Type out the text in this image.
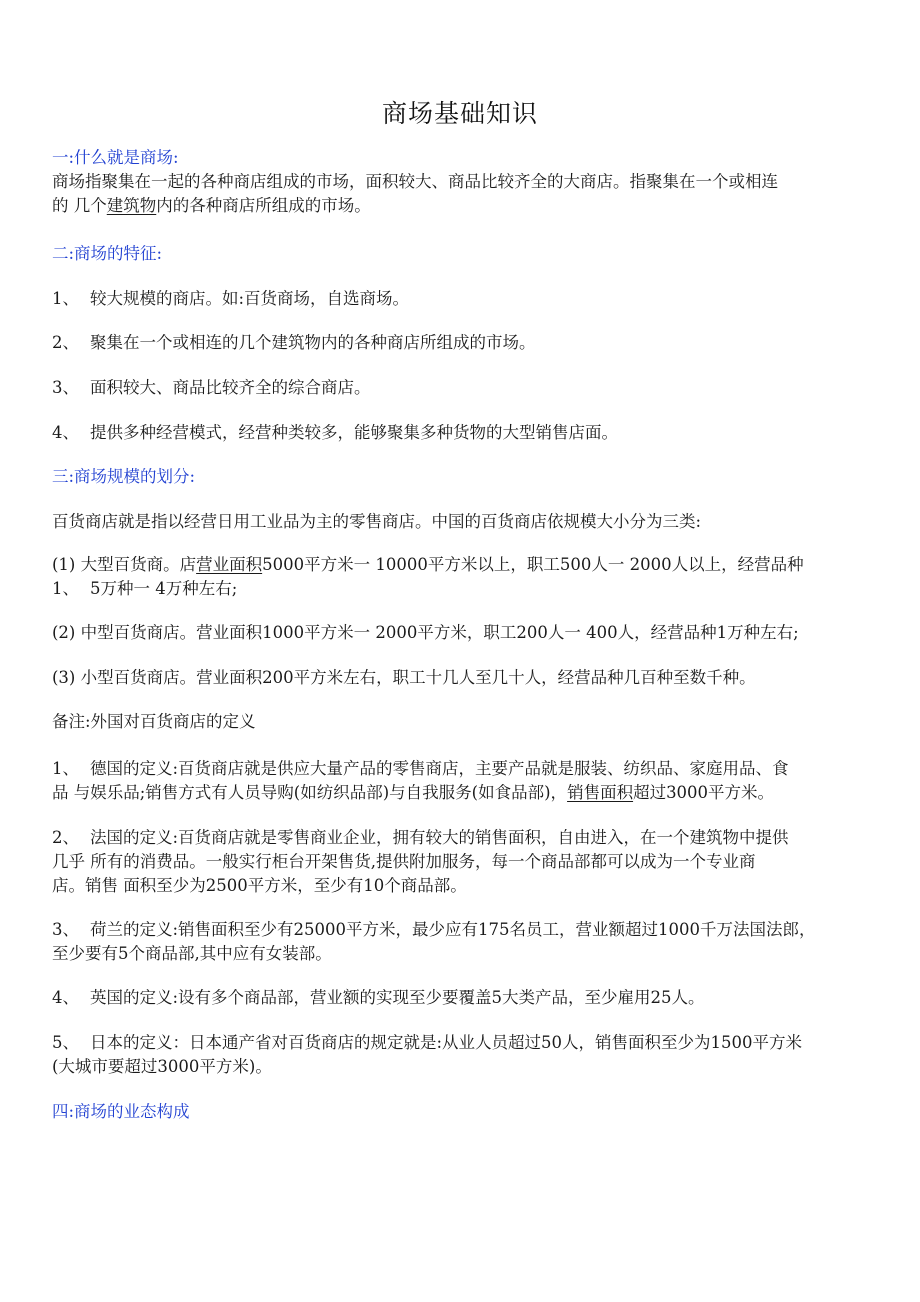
商场基础知识
一:什么就是商场:
商场指聚集在一起的各种商店组成的市场，面积较大、商品比较齐全的大商店。指聚集在一个或相连
的 几个建筑物内的各种商店所组成的市场。
二:商场的特征:
1、 较大规模的商店。如:百货商场，自选商场。
2、 聚集在一个或相连的几个建筑物内的各种商店所组成的市场。
3、 面积较大、商品比较齐全的综合商店。
4、 提供多种经营模式，经营种类较多，能够聚集多种货物的大型销售店面。
三:商场规模的划分:
百货商店就是指以经营日用工业品为主的零售商店。中国的百货商店依规模大小分为三类:
(1) 大型百货商。店营业面积5000平方米一 10000平方米以上，职工500人一 2000人以上，经营品种
1、 5万种一 4万种左右;
(2) 中型百货商店。营业面积1000平方米一 2000平方米，职工200人一 400人，经营品种1万种左右;
(3) 小型百货商店。营业面积200平方米左右，职工十几人至几十人，经营品种几百种至数千种。
备注:外国对百货商店的定义
1、 德国的定义:百货商店就是供应大量产品的零售商店，主要产品就是服装、纺织品、家庭用品、食
品 与娱乐品;销售方式有人员导购(如纺织品部)与自我服务(如食品部)，销售面积超过3000平方米。
2、 法国的定义:百货商店就是零售商业企业，拥有较大的销售面积，自由进入，在一个建筑物中提供
几乎 所有的消费品。一般实行柜台开架售货,提供附加服务，每一个商品部都可以成为一个专业商
店。销售 面积至少为2500平方米，至少有10个商品部。
3、 荷兰的定义:销售面积至少有25000平方米，最少应有175名员工，营业额超过1000千万法国法郎，
至少要有5个商品部,其中应有女装部。
4、 英国的定义:设有多个商品部，营业额的实现至少要覆盖5大类产品，至少雇用25人。
5、 日本的定义：日本通产省对百货商店的规定就是:从业人员超过50人，销售面积至少为1500平方米
(大城市要超过3000平方米)。
四:商场的业态构成
